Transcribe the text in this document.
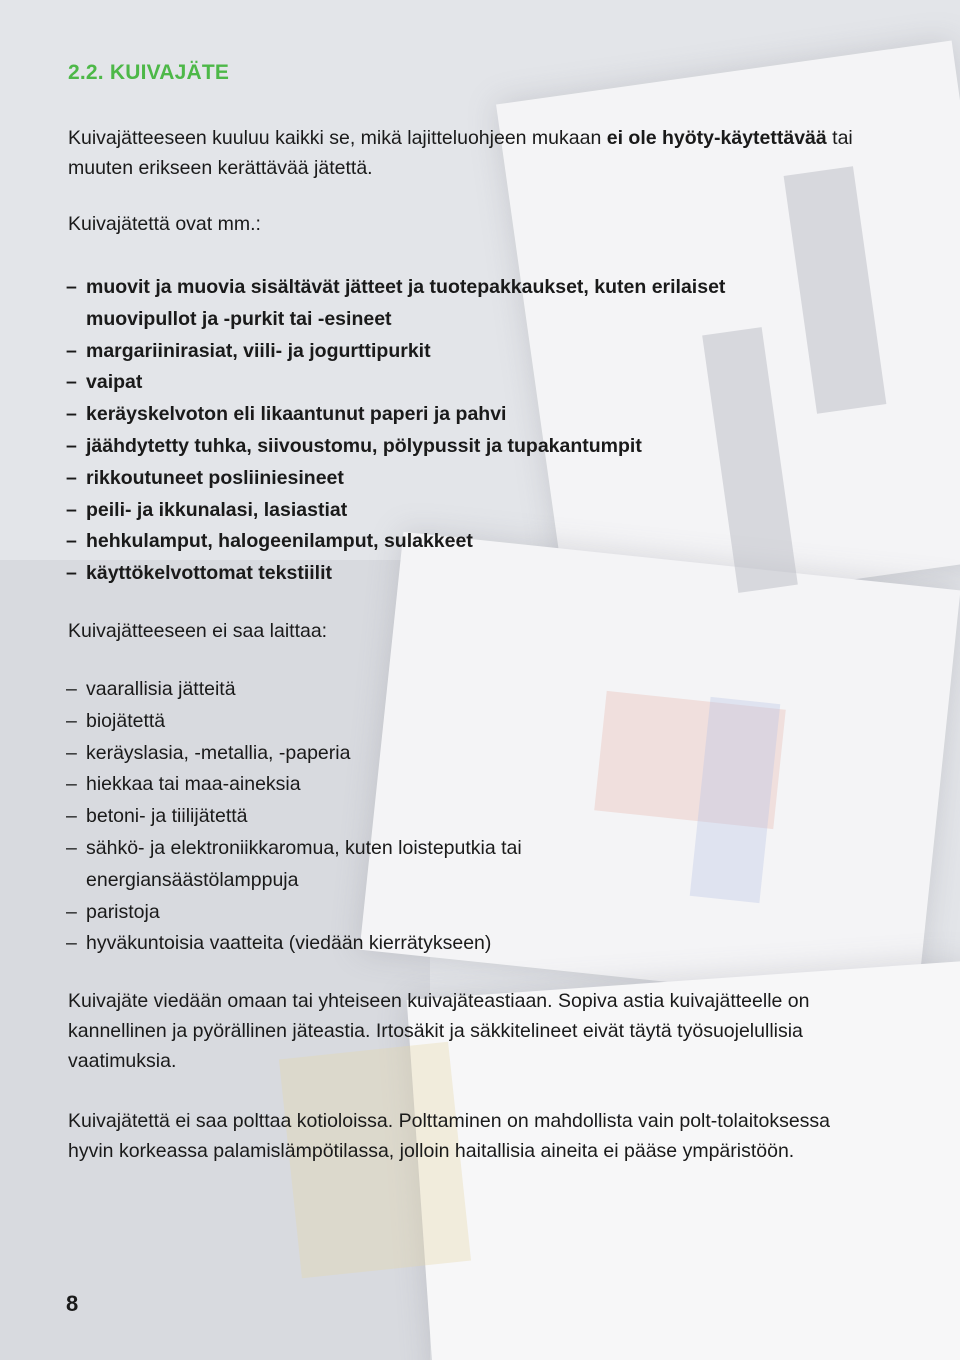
2.2. KUIVAJÄTE

Kuivajätteeseen kuuluu kaikki se, mikä lajitteluohjeen mukaan ei ole hyöty-käytettävää tai muuten erikseen kerättävää jätettä.

Kuivajätettä ovat mm.:

– muovit ja muovia sisältävät jätteet ja tuotepakkaukset, kuten erilaiset
muovipullot ja -purkit tai -esineet
– margariinirasiat, viili- ja jogurttipurkit
– vaipat
– keräyskelvoton eli likaantunut paperi ja pahvi
– jäähdytetty tuhka, siivoustomu, pölypussit ja tupakantumpit
– rikkoutuneet posliiniesineet
– peili- ja ikkunalasi, lasiastiat
– hehkulamput, halogeenilamput, sulakkeet
– käyttökelvottomat tekstiilit

Kuivajätteeseen ei saa laittaa:

– vaarallisia jätteitä
– biojätettä
– keräyslasia, -metallia, -paperia
– hiekkaa tai maa-aineksia
– betoni- ja tiilijätettä
– sähkö- ja elektroniikkaromua, kuten loisteputkia tai
energiansäästölamppuja
– paristoja
– hyväkuntoisia vaatteita (viedään kierrätykseen)

Kuivajäte viedään omaan tai yhteiseen kuivajäteastiaan. Sopiva astia kuivajätteelle on kannellinen ja pyörällinen jäteastia. Irtosäkit ja säkkitelineet eivät täytä työsuojelullisia vaatimuksia.

Kuivajätettä ei saa polttaa kotioloissa. Polttaminen on mahdollista vain polt-tolaitoksessa hyvin korkeassa palamislämpötilassa, jolloin haitallisia aineita ei pääse ympäristöön.

8
